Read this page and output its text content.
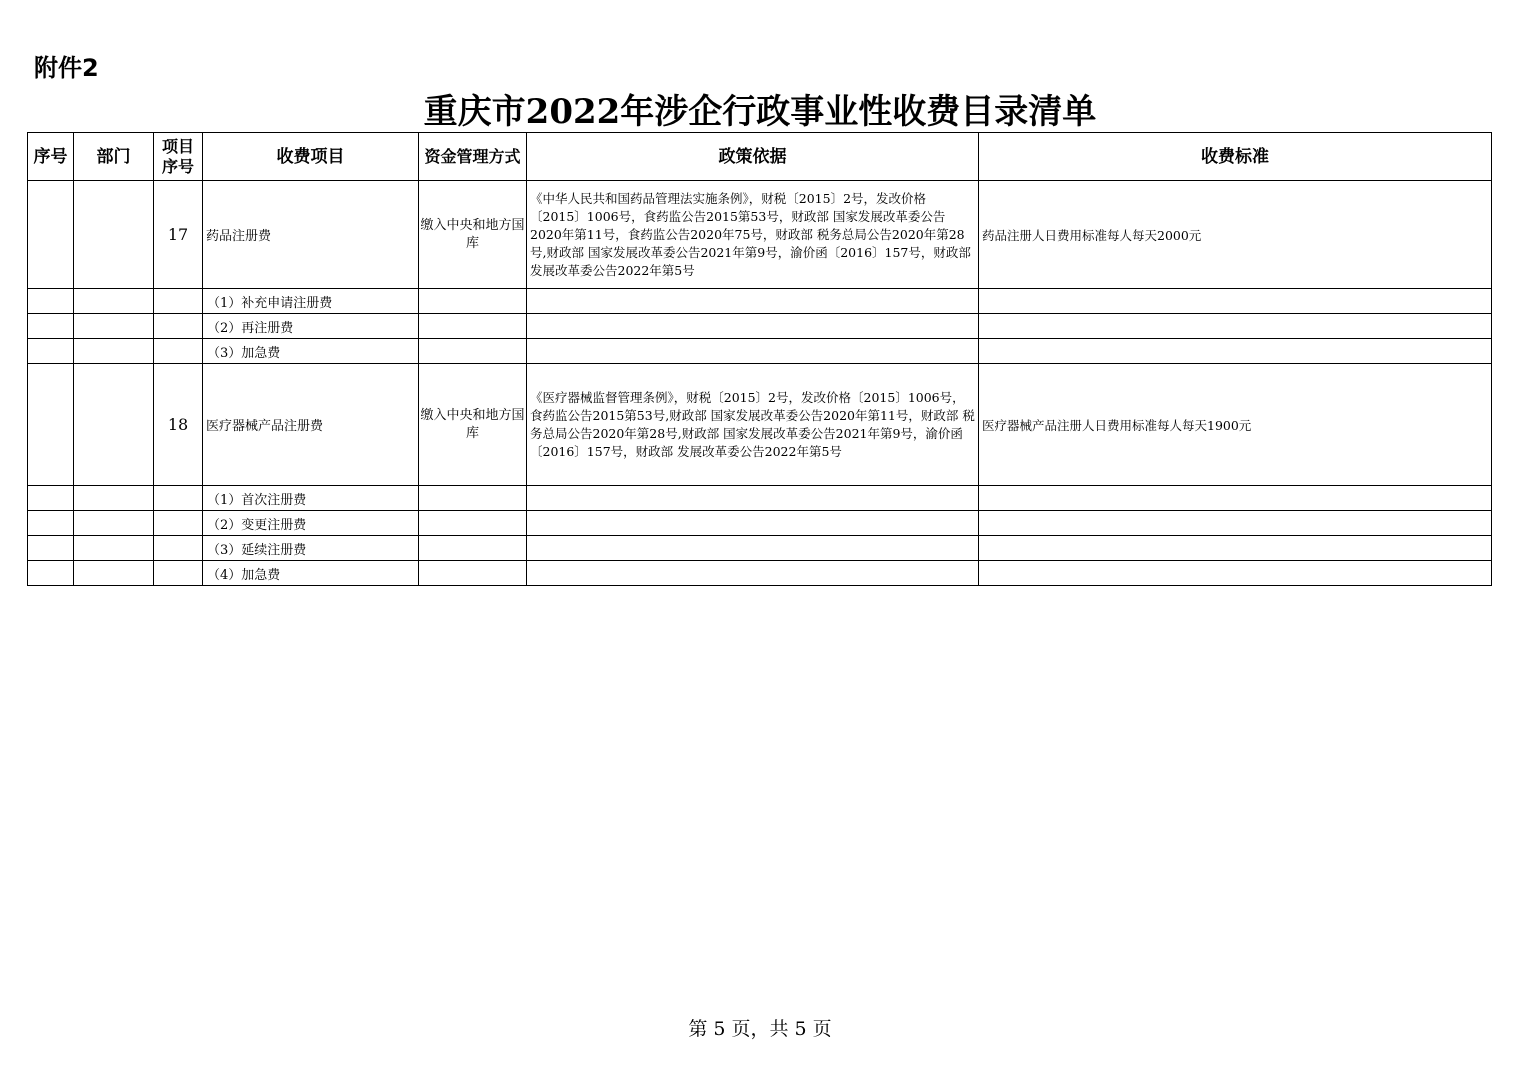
附件2
重庆市2022年涉企行政事业性收费目录清单
序号	部门	项目序号	收费项目	资金管理方式	政策依据	收费标准
		17	药品注册费	缴入中央和地方国库	《中华人民共和国药品管理法实施条例》，财税〔2015〕2号，发改价格〔2015〕1006号，食药监公告2015第53号，财政部 国家发展改革委公告2020年第11号，食药监公告2020年75号，财政部 税务总局公告2020年第28号,财政部 国家发展改革委公告2021年第9号，渝价函〔2016〕157号，财政部 发展改革委公告2022年第5号	药品注册人日费用标准每人每天2000元
			（1）补充申请注册费			
			（2）再注册费			
			（3）加急费			
		18	医疗器械产品注册费	缴入中央和地方国库	《医疗器械监督管理条例》，财税〔2015〕2号，发改价格〔2015〕1006号，食药监公告2015第53号,财政部 国家发展改革委公告2020年第11号，财政部 税务总局公告2020年第28号,财政部 国家发展改革委公告2021年第9号，渝价函〔2016〕157号，财政部 发展改革委公告2022年第5号	医疗器械产品注册人日费用标准每人每天1900元
			（1）首次注册费			
			（2）变更注册费			
			（3）延续注册费			
			（4）加急费			
第 5 页，共 5 页
